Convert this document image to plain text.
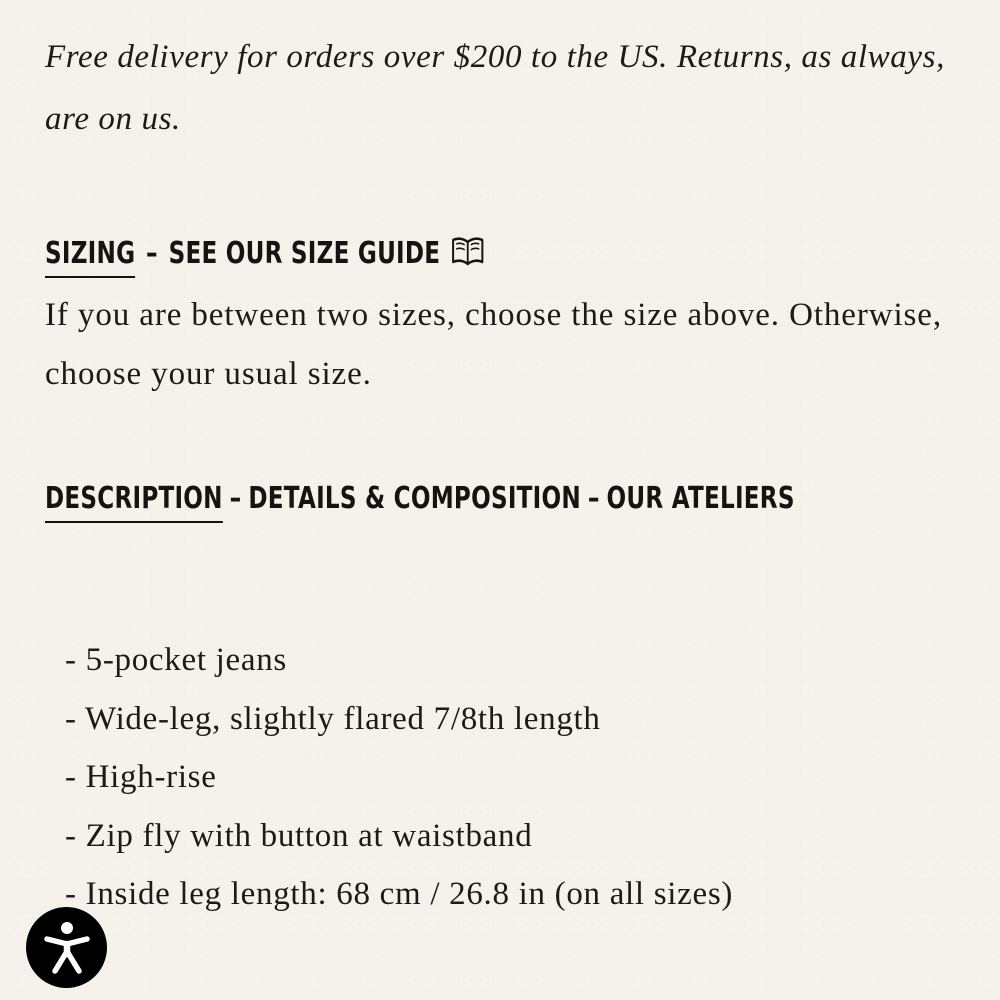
Free delivery for orders over $200 to the US. Returns, as always, are on us.

SIZING – SEE OUR SIZE GUIDE

If you are between two sizes, choose the size above. Otherwise, choose your usual size.

DESCRIPTION – DETAILS & COMPOSITION – OUR ATELIERS
- 5-pocket jeans
- Wide-leg, slightly flared 7/8th length
- High-rise
- Zip fly with button at waistband
- Inside leg length: 68 cm / 26.8 in (on all sizes)
